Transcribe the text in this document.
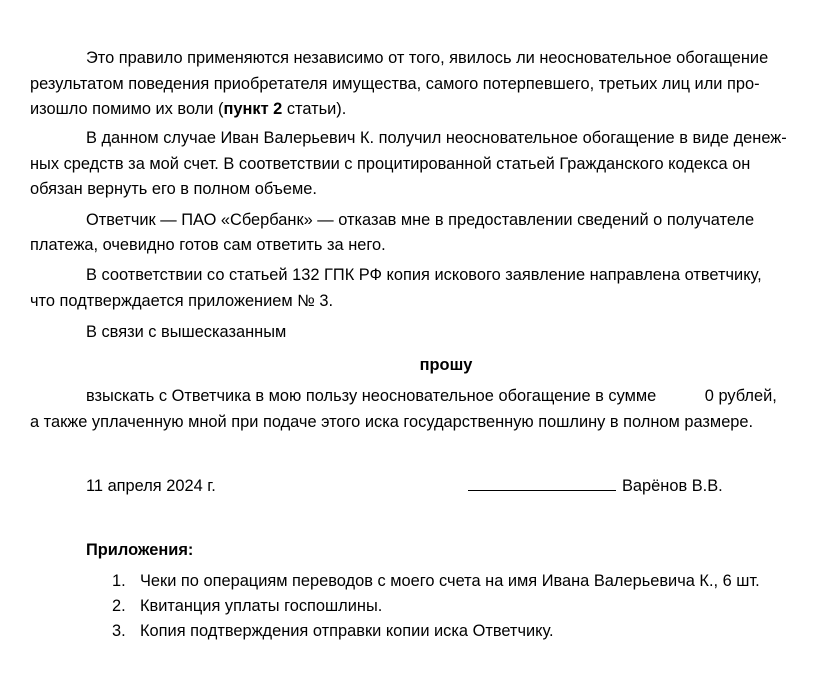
Это правило применяются независимо от того, явилось ли неосновательное обогащение
результатом поведения приобретателя имущества, самого потерпевшего, третьих лиц или про-
изошло помимо их воли (пункт 2 статьи).
В данном случае Иван Валерьевич К. получил неосновательное обогащение в виде денеж-
ных средств за мой счет. В соответствии с процитированной статьей Гражданского кодекса он
обязан вернуть его в полном объеме.
Ответчик — ПАО «Сбербанк» — отказав мне в предоставлении сведений о получателе
платежа, очевидно готов сам ответить за него.
В соответствии со статьей 132 ГПК РФ копия искового заявление направлена ответчику,
что подтверждается приложением № 3.
В связи с вышесказанным
прошу
взыскать с Ответчика в мою пользу неосновательное обогащение в сумме	0 рублей,
а также уплаченную мной при подаче этого иска государственную пошлину в полном размере.
11 апреля 2024 г.	Варёнов В.В.
Приложения:
1. Чеки по операциям переводов с моего счета на имя Ивана Валерьевича К., 6 шт.
2. Квитанция уплаты госпошлины.
3. Копия подтверждения отправки копии иска Ответчику.
